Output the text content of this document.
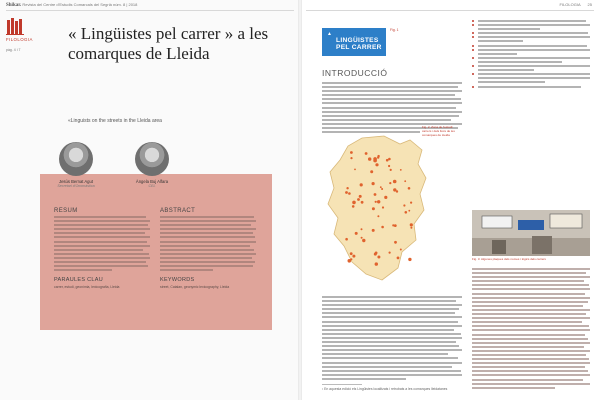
Shikar. Revista del Centre d'Estudis Comarcals del Segrià núm. 8 | 2018	FILOLOGIA 25
FILOLOGIA
pàg. 4 i 7
« Lingüistes pel carrer » a les comarques de Lleida
«Linguists on the streets in the Lleida area
Jesús Bernat Agut
Secretari d'Onomàstica
Àngela Buj Alfara
CEL
RESUM
PARAULES CLAU
carrer, estudi, geonímia, lexicografia, Lleida
ABSTRACT
KEYWORDS
street, Catalan, geonymic lexicography, Lleida
▲
LINGÜISTES
PEL CARRER
Fig. 1
INTRODUCCIÓ
Fig. 2. Zona de l'estudi: carrers i dels llocs de les comarques de Lleida
Fig. 3. Algunes plaques dels nomes i lògics dels carrers
¹ En aquesta edició els Lingüistes localitzats i retrobats a les comarques lleidatanes
